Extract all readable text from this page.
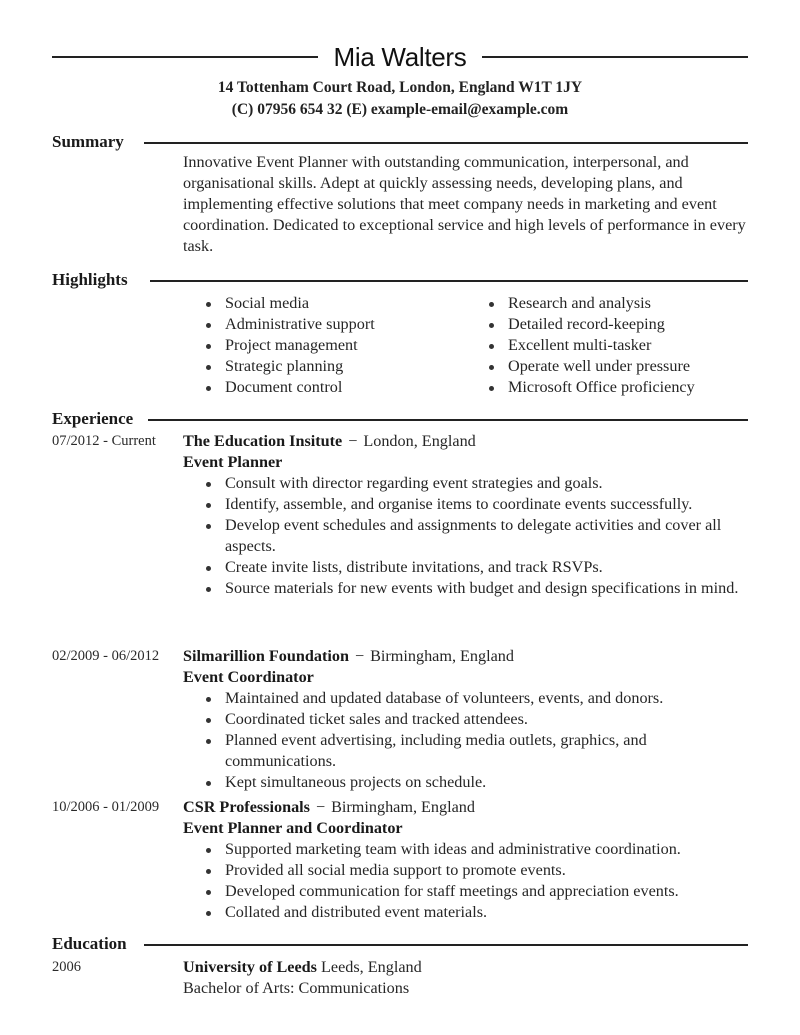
Mia Walters
14 Tottenham Court Road, London, England W1T 1JY
(C) 07956 654 32 (E) example-email@example.com
Summary
Innovative Event Planner with outstanding communication, interpersonal, and organisational skills. Adept at quickly assessing needs, developing plans, and implementing effective solutions that meet company needs in marketing and event coordination. Dedicated to exceptional service and high levels of performance in every task.
Highlights
Social media
Administrative support
Project management
Strategic planning
Document control
Research and analysis
Detailed record-keeping
Excellent multi-tasker
Operate well under pressure
Microsoft Office proficiency
Experience
07/2012 - Current The Education Insitute − London, England
Event Planner
Consult with director regarding event strategies and goals.
Identify, assemble, and organise items to coordinate events successfully.
Develop event schedules and assignments to delegate activities and cover all aspects.
Create invite lists, distribute invitations, and track RSVPs.
Source materials for new events with budget and design specifications in mind.
02/2009 - 06/2012 Silmarillion Foundation − Birmingham, England
Event Coordinator
Maintained and updated database of volunteers, events, and donors.
Coordinated ticket sales and tracked attendees.
Planned event advertising, including media outlets, graphics, and communications.
Kept simultaneous projects on schedule.
10/2006 - 01/2009 CSR Professionals − Birmingham, England
Event Planner and Coordinator
Supported marketing team with ideas and administrative coordination.
Provided all social media support to promote events.
Developed communication for staff meetings and appreciation events.
Collated and distributed event materials.
Education
2006	University of Leeds Leeds, England
Bachelor of Arts: Communications
